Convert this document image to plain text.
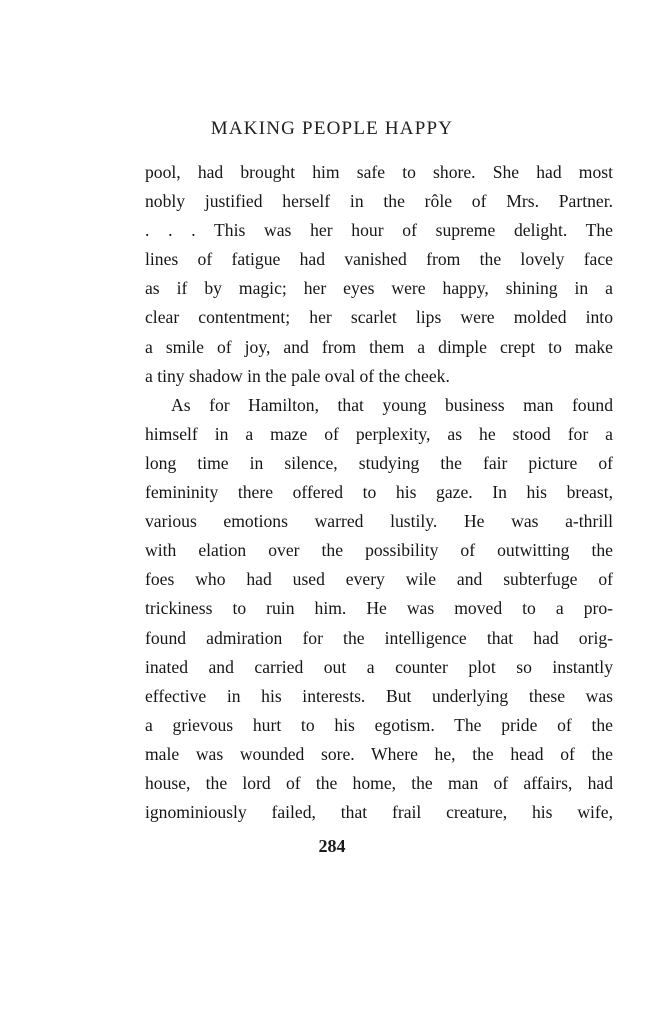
MAKING PEOPLE HAPPY
pool, had brought him safe to shore. She had most
nobly justified herself in the rôle of Mrs. Partner.
. . . This was her hour of supreme delight. The
lines of fatigue had vanished from the lovely face
as if by magic; her eyes were happy, shining in a
clear contentment; her scarlet lips were molded into
a smile of joy, and from them a dimple crept to make
a tiny shadow in the pale oval of the cheek.
As for Hamilton, that young business man found
himself in a maze of perplexity, as he stood for a
long time in silence, studying the fair picture of
femininity there offered to his gaze. In his breast,
various emotions warred lustily. He was a-thrill
with elation over the possibility of outwitting the
foes who had used every wile and subterfuge of
trickiness to ruin him. He was moved to a pro-
found admiration for the intelligence that had orig-
inated and carried out a counter plot so instantly
effective in his interests. But underlying these was
a grievous hurt to his egotism. The pride of the
male was wounded sore. Where he, the head of the
house, the lord of the home, the man of affairs, had
ignominiously failed, that frail creature, his wife,
284
